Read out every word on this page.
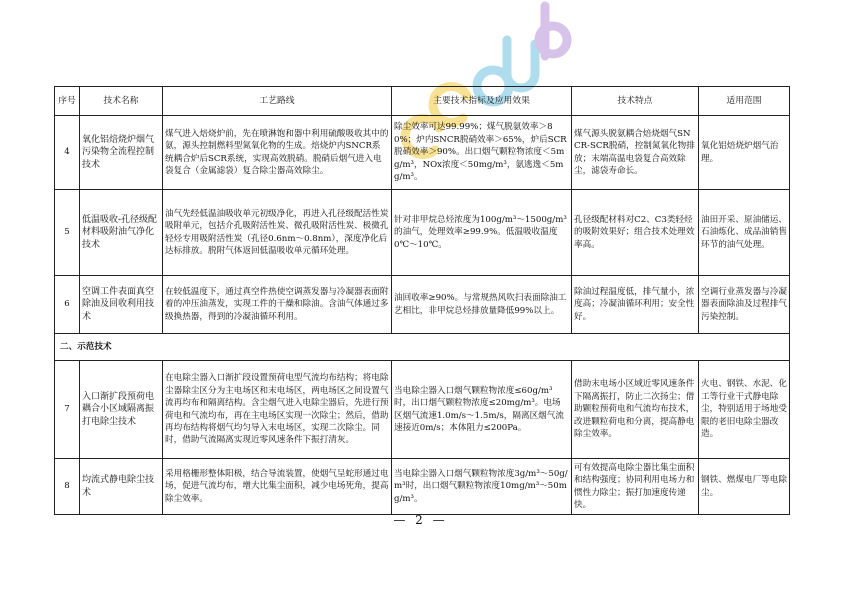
序号	技术名称	工艺路线	主要技术指标及应用效果	技术特点	适用范围
4	氧化铝焙烧炉烟气污染物全流程控制技术	煤气进入焙烧炉前，先在喷淋饱和器中利用硫酸吸收其中的氨，源头控制燃料型氮氧化物的生成。焙烧炉内SNCR系统耦合炉后SCR系统，实现高效脱硝。脱硝后烟气进入电袋复合（金属滤袋）复合除尘器高效除尘。	除尘效率可达99.99%；煤气脱氨效率＞80%；炉内SNCR脱硝效率＞65%，炉后SCR脱硝效率＞90%。出口烟气颗粒物浓度＜5mg/m³，NOx浓度＜50mg/m³，氨逃逸＜5mg/m³。	煤气源头脱氨耦合焙烧烟气SNCR-SCR脱硝，控制氮氧化物排放；末端高温电袋复合高效除尘，滤袋寿命长。	氧化铝焙烧炉烟气治理。
5	低温吸收-孔径级配材料吸附油气净化技术	油气先经低温油吸收单元初级净化，再进入孔径级配活性炭吸附单元，包括介孔吸附活性炭、微孔吸附活性炭、极微孔轻烃专用吸附活性炭（孔径0.6nm～0.8nm），深度净化后达标排放。脱附气体返回低温吸收单元循环处理。	针对非甲烷总烃浓度为100g/m³～1500g/m³的油气，处理效率≥99.9%。低温吸收温度0℃～10℃。	孔径级配材料对C2、C3类轻烃的吸附效果好；组合技术处理效率高。	油田开采、原油储运、石油炼化、成品油销售环节的油气处理。
6	空调工件表面真空除油及回收利用技术	在较低温度下，通过真空件热使空调蒸发器与冷凝器表面附着的冲压油蒸发，实现工件的干燥和除油。含油气体通过多级换热器，得到的冷凝油循环利用。	油回收率≥90%。与常规热风吹扫表面除油工艺相比，非甲烷总烃排放量降低99%以上。	除油过程温度低，排气量小，浓度高；冷凝油循环利用；安全性好。	空调行业蒸发器与冷凝器表面除油及过程排气污染控制。
二、示范技术					
7	入口渐扩段预荷电耦合小区域隔离振打电除尘技术	在电除尘器入口渐扩段设置预荷电型气流均布结构；将电除尘器除尘区分为主电场区和末电场区，两电场区之间设置气流再均布和隔离结构。含尘烟气进入电除尘器后，先进行预荷电和气流均布，再在主电场区实现一次除尘；然后，借助再均布结构将烟气均匀导入末电场区，实现二次除尘。同时，借助气流隔离实现近零风速条件下振打清灰。	当电除尘器入口烟气颗粒物浓度≤60g/m³时，出口烟气颗粒物浓度≤20mg/m³。电场区烟气流速1.0m/s～1.5m/s，隔离区烟气流速接近0m/s；本体阻力≤200Pa。	借助末电场小区域近零风速条件下隔离振打，防止二次扬尘；借助颗粒预荷电和气流均布技术，改进颗粒荷电和分离，提高静电除尘效率。	火电、钢铁、水泥、化工等行业干式静电除尘，特别适用于场地受限的老旧电除尘器改造。
8	均流式静电除尘技术	采用格栅形整体阳极，结合导流装置，使烟气呈蛇形通过电场，促进气流均布，增大比集尘面积，减少电场死角，提高除尘效率。	当电除尘器入口烟气颗粒物浓度3g/m³～50g/m³时，出口烟气颗粒物浓度10mg/m³～50mg/m³。	可有效提高电除尘器比集尘面积和结构强度；协同利用电场力和惯性力除尘；振打加速度传递快。	钢铁、燃煤电厂等电除尘。
— 2 —
